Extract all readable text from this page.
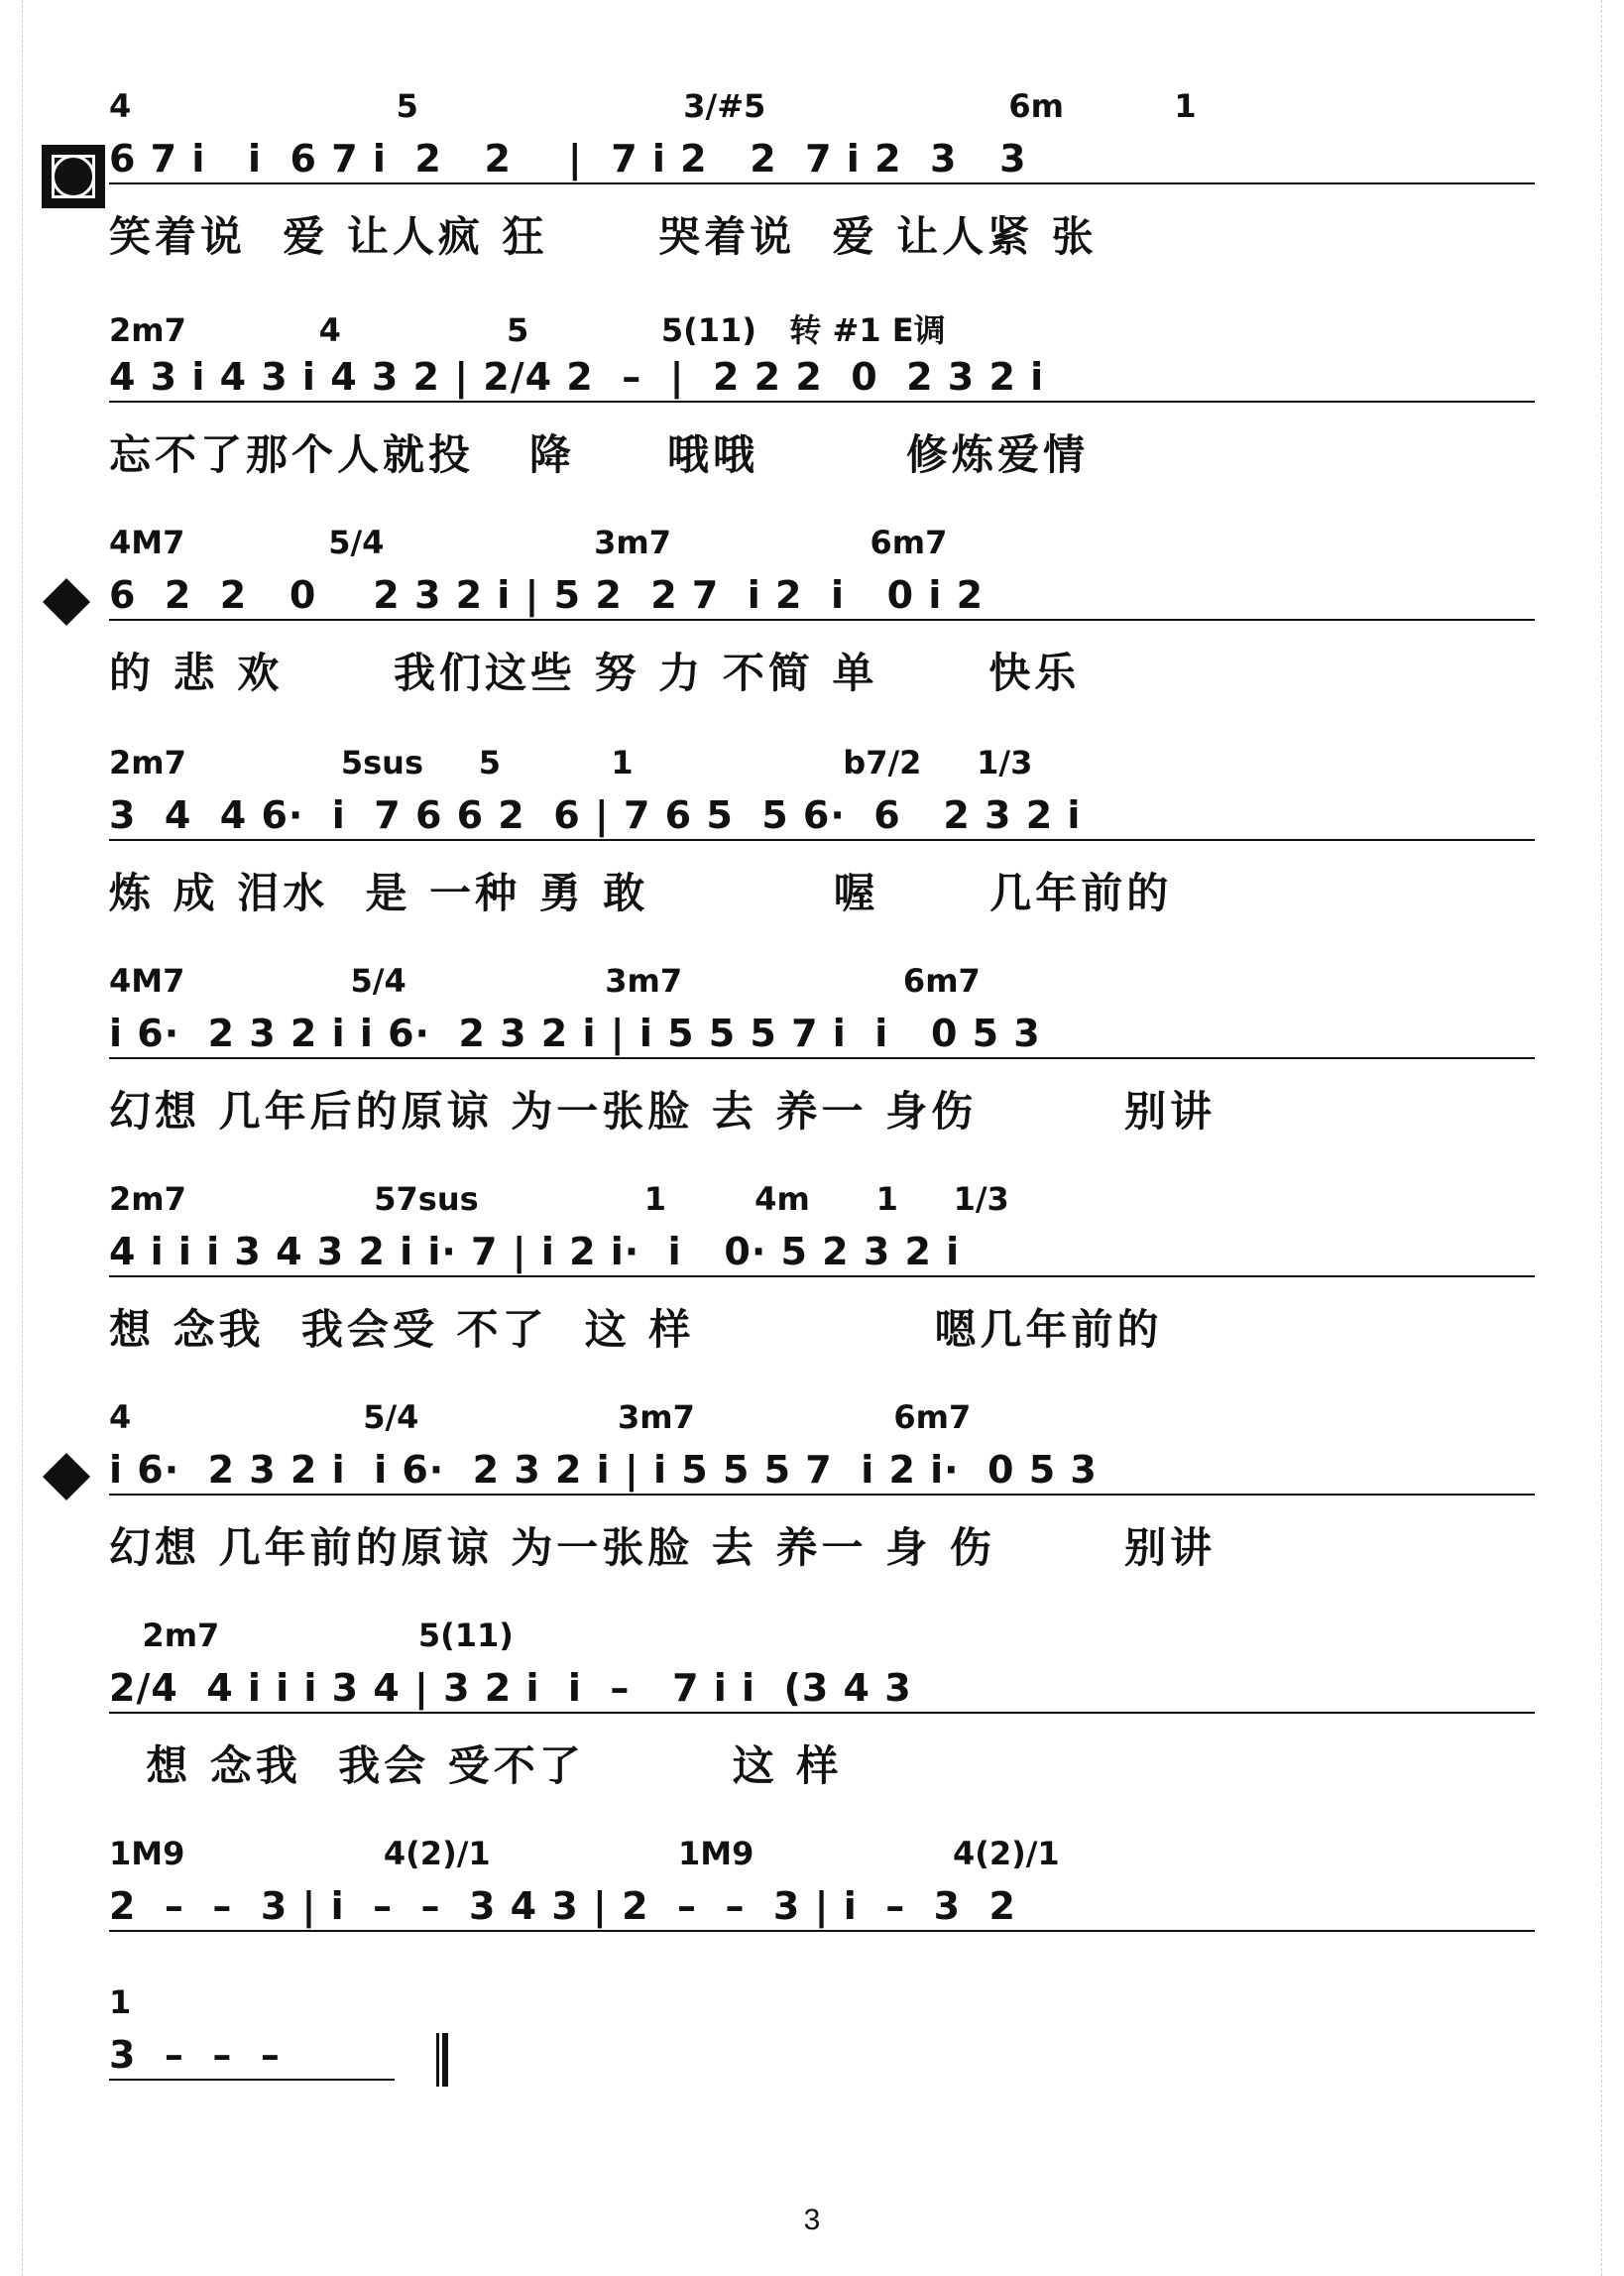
4                        5                        3/#5                      6m          1
6 7 i   i  6 7 i  2   2    |  7 i 2   2  7 i 2  3   3
笑着说  爱 让人疯 狂      哭着说  爱 让人紧 张
2m7            4               5            5(11)   转 #1 E调
4 3 i 4 3 i 4 3 2 | 2/4 2  –  |  2 2 2  0  2 3 2 i
忘不了那个人就投   降     哦哦        修炼爱情
4M7             5/4                   3m7                  6m7
6  2  2   0    2 3 2 i | 5 2  2 7  i 2  i   0 i 2
的 悲 欢      我们这些 努 力 不简 单      快乐
2m7              5sus     5          1                   b7/2     1/3
3  4  4 6·  i  7 6 6 2  6 | 7 6 5  5 6·  6   2 3 2 i
炼 成 泪水  是 一种 勇 敢          喔      几年前的
4M7               5/4                  3m7                    6m7
i 6·  2 3 2 i i 6·  2 3 2 i | i 5 5 5 7 i  i   0 5 3
幻想 几年后的原谅 为一张脸 去 养一 身伤        别讲
2m7                 57sus               1        4m      1     1/3
4 i i i 3 4 3 2 i i· 7 | i 2 i·  i   0· 5 2 3 2 i
想 念我  我会受 不了  这 样             嗯几年前的
4                     5/4                  3m7                  6m7
i 6·  2 3 2 i  i 6·  2 3 2 i | i 5 5 5 7  i 2 i·  0 5 3
幻想 几年前的原谅 为一张脸 去 养一 身 伤       别讲
2m7                  5(11)
2/4  4 i i i 3 4 | 3 2 i  i  –   7 i i  (3 4 3
想 念我  我会 受不了        这 样
1M9                  4(2)/1                 1M9                  4(2)/1
2  –  –  3 | i  –  –  3 4 3 | 2  –  –  3 | i  –  3  2
1
3  –  –  –
3
